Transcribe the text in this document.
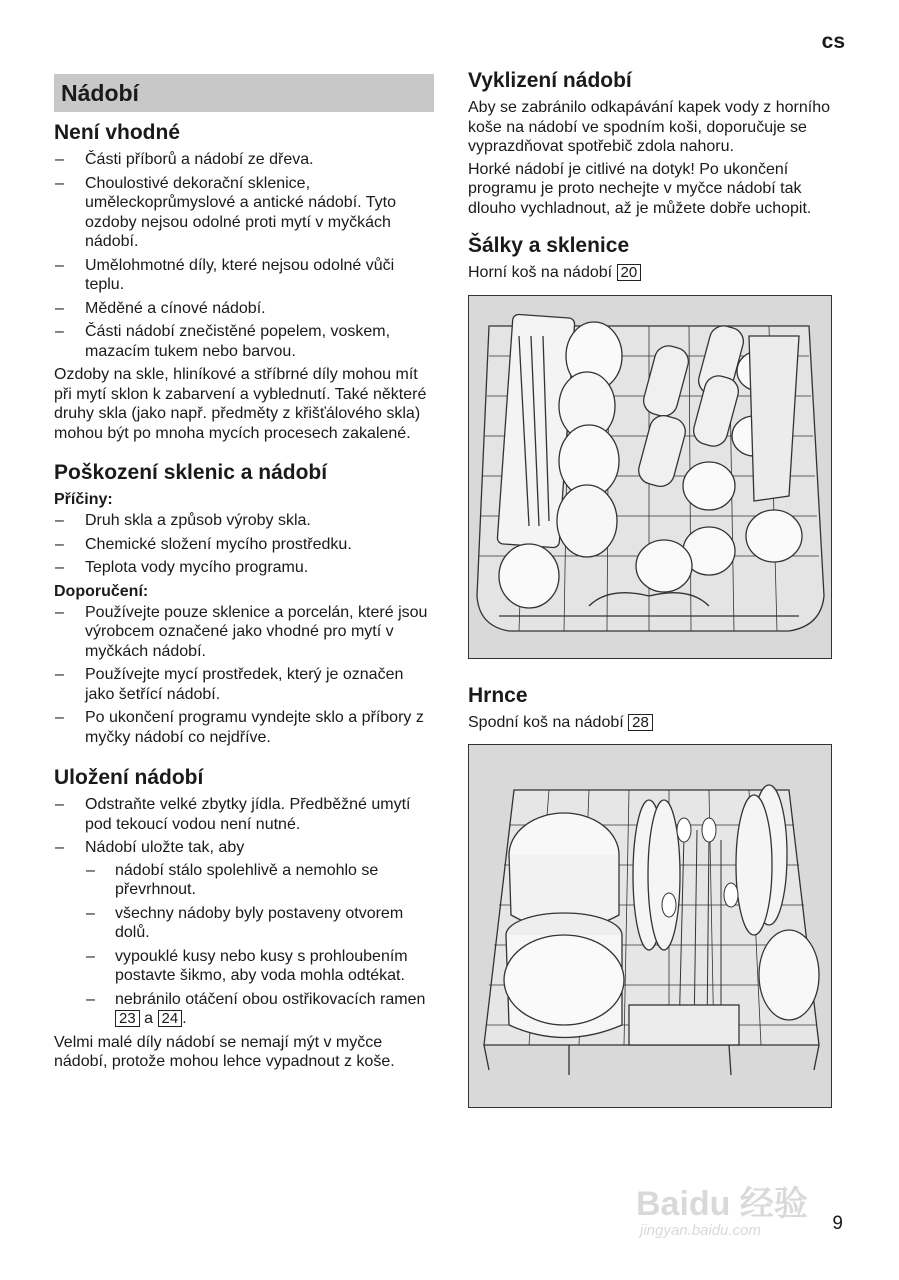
cs
Nádobí
Není vhodné
– Části příborů a nádobí ze dřeva.
– Choulostivé dekorační sklenice, uměleckoprůmyslové a antické nádobí. Tyto ozdoby nejsou odolné proti mytí v myčkách nádobí.
– Umělohmotné díly, které nejsou odolné vůči teplu.
– Měděné a cínové nádobí.
– Části nádobí znečistěné popelem, voskem, mazacím tukem nebo barvou.

Ozdoby na skle, hliníkové a stříbrné díly mohou mít při mytí sklon k zabarvení a vyblednutí. Také některé druhy skla (jako např. předměty z křišťálového skla) mohou být po mnoha mycích procesech zakalené.

Poškození sklenic a nádobí
Příčiny:
– Druh skla a způsob výroby skla.
– Chemické složení mycího prostředku.
– Teplota vody mycího programu.
Doporučení:
– Používejte pouze sklenice a porcelán, které jsou výrobcem označené jako vhodné pro mytí v myčkách nádobí.
– Používejte mycí prostředek, který je označen jako šetřící nádobí.
– Po ukončení programu vyndejte sklo a příbory z myčky nádobí co nejdříve.
Uložení nádobí
– Odstraňte velké zbytky jídla. Předběžné umytí pod tekoucí vodou není nutné.
– Nádobí uložte tak, aby
– nádobí stálo spolehlivě a nemohlo se převrhnout.
– všechny nádoby byly postaveny otvorem dolů.
– vypouklé kusy nebo kusy s prohloubením postavte šikmo, aby voda mohla odtékat.
– nebránilo otáčení obou ostřikovacích ramen 23 a 24 .

Velmi malé díly nádobí se nemají mýt v myčce nádobí, protože mohou lehce vypadnout z koše.

Vyklizení nádobí

Aby se zabránilo odkapávání kapek vody z horního koše na nádobí ve spodním koši, doporučuje se vyprazdňovat spotřebič zdola nahoru.

Horké nádobí je citlivé na dotyk! Po ukončení programu je proto nechejte v myčce nádobí tak dlouho vychladnout, až je můžete dobře uchopit.

Šálky a sklenice

Horní koš na nádobí 20

Hrnce

Spodní koš na nádobí 28

Baidu 经验
jingyan.baidu.com	9
